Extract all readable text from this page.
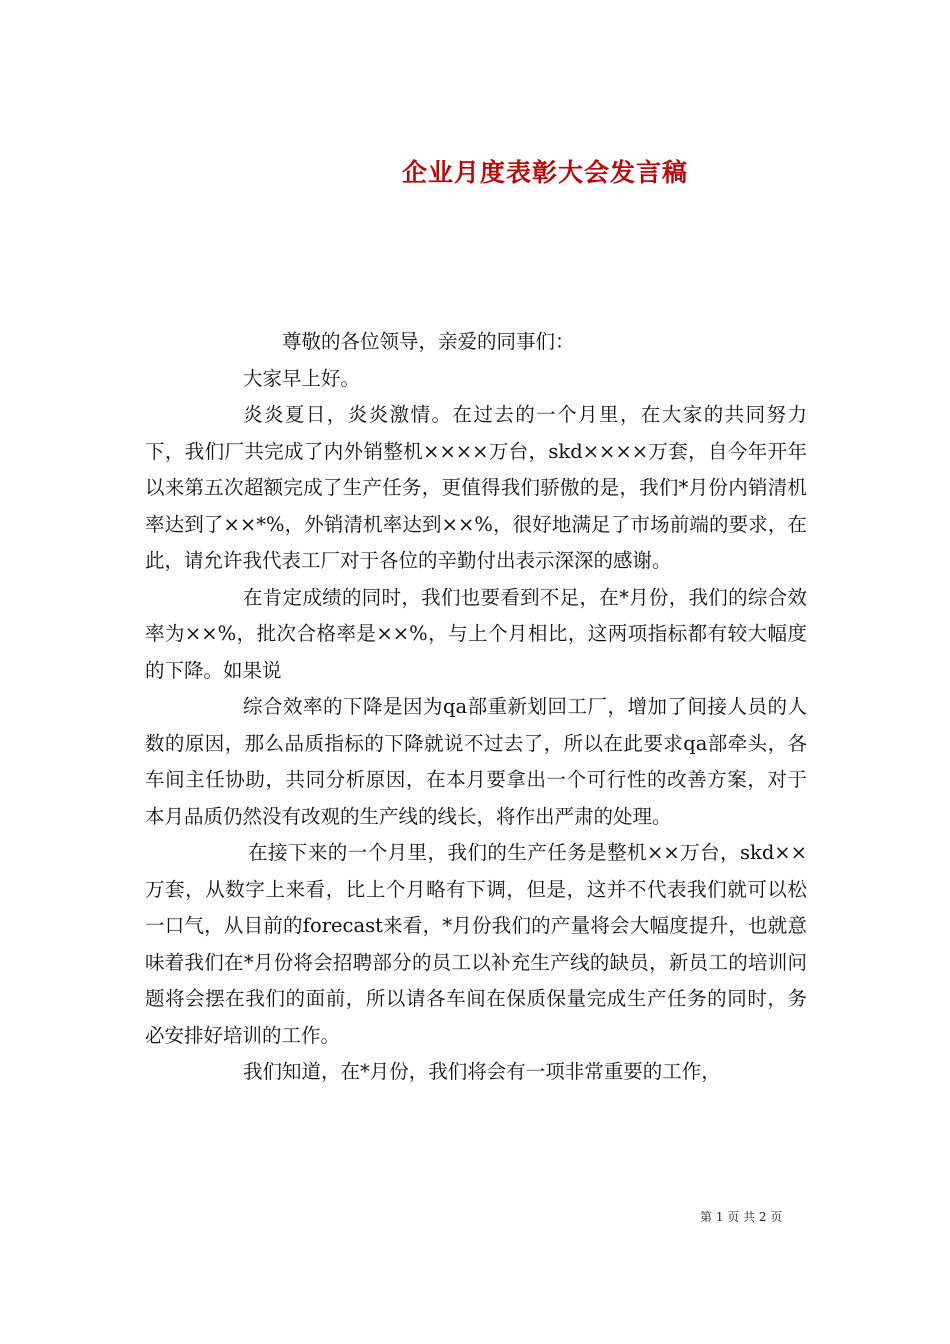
企业月度表彰大会发言稿

尊敬的各位领导，亲爱的同事们：

大家早上好。

炎炎夏日，炎炎激情。在过去的一个月里，在大家的共同努力下，我们厂共完成了内外销整机××××万台，skd××××万套，自今年开年以来第五次超额完成了生产任务，更值得我们骄傲的是，我们*月份内销清机率达到了××*%，外销清机率达到××%，很好地满足了市场前端的要求，在此，请允许我代表工厂对于各位的辛勤付出表示深深的感谢。

在肯定成绩的同时，我们也要看到不足，在*月份，我们的综合效率为××%，批次合格率是××%，与上个月相比，这两项指标都有较大幅度的下降。如果说

综合效率的下降是因为qa部重新划回工厂，增加了间接人员的人数的原因，那么品质指标的下降就说不过去了，所以在此要求qa部牵头，各车间主任协助，共同分析原因，在本月要拿出一个可行性的改善方案，对于本月品质仍然没有改观的生产线的线长，将作出严肃的处理。

在接下来的一个月里，我们的生产任务是整机××万台，skd××万套，从数字上来看，比上个月略有下调，但是，这并不代表我们就可以松一口气，从目前的forecast来看，*月份我们的产量将会大幅度提升，也就意味着我们在*月份将会招聘部分的员工以补充生产线的缺员，新员工的培训问题将会摆在我们的面前，所以请各车间在保质保量完成生产任务的同时，务必安排好培训的工作。

我们知道，在*月份，我们将会有一项非常重要的工作，

第 1 页 共 2 页
